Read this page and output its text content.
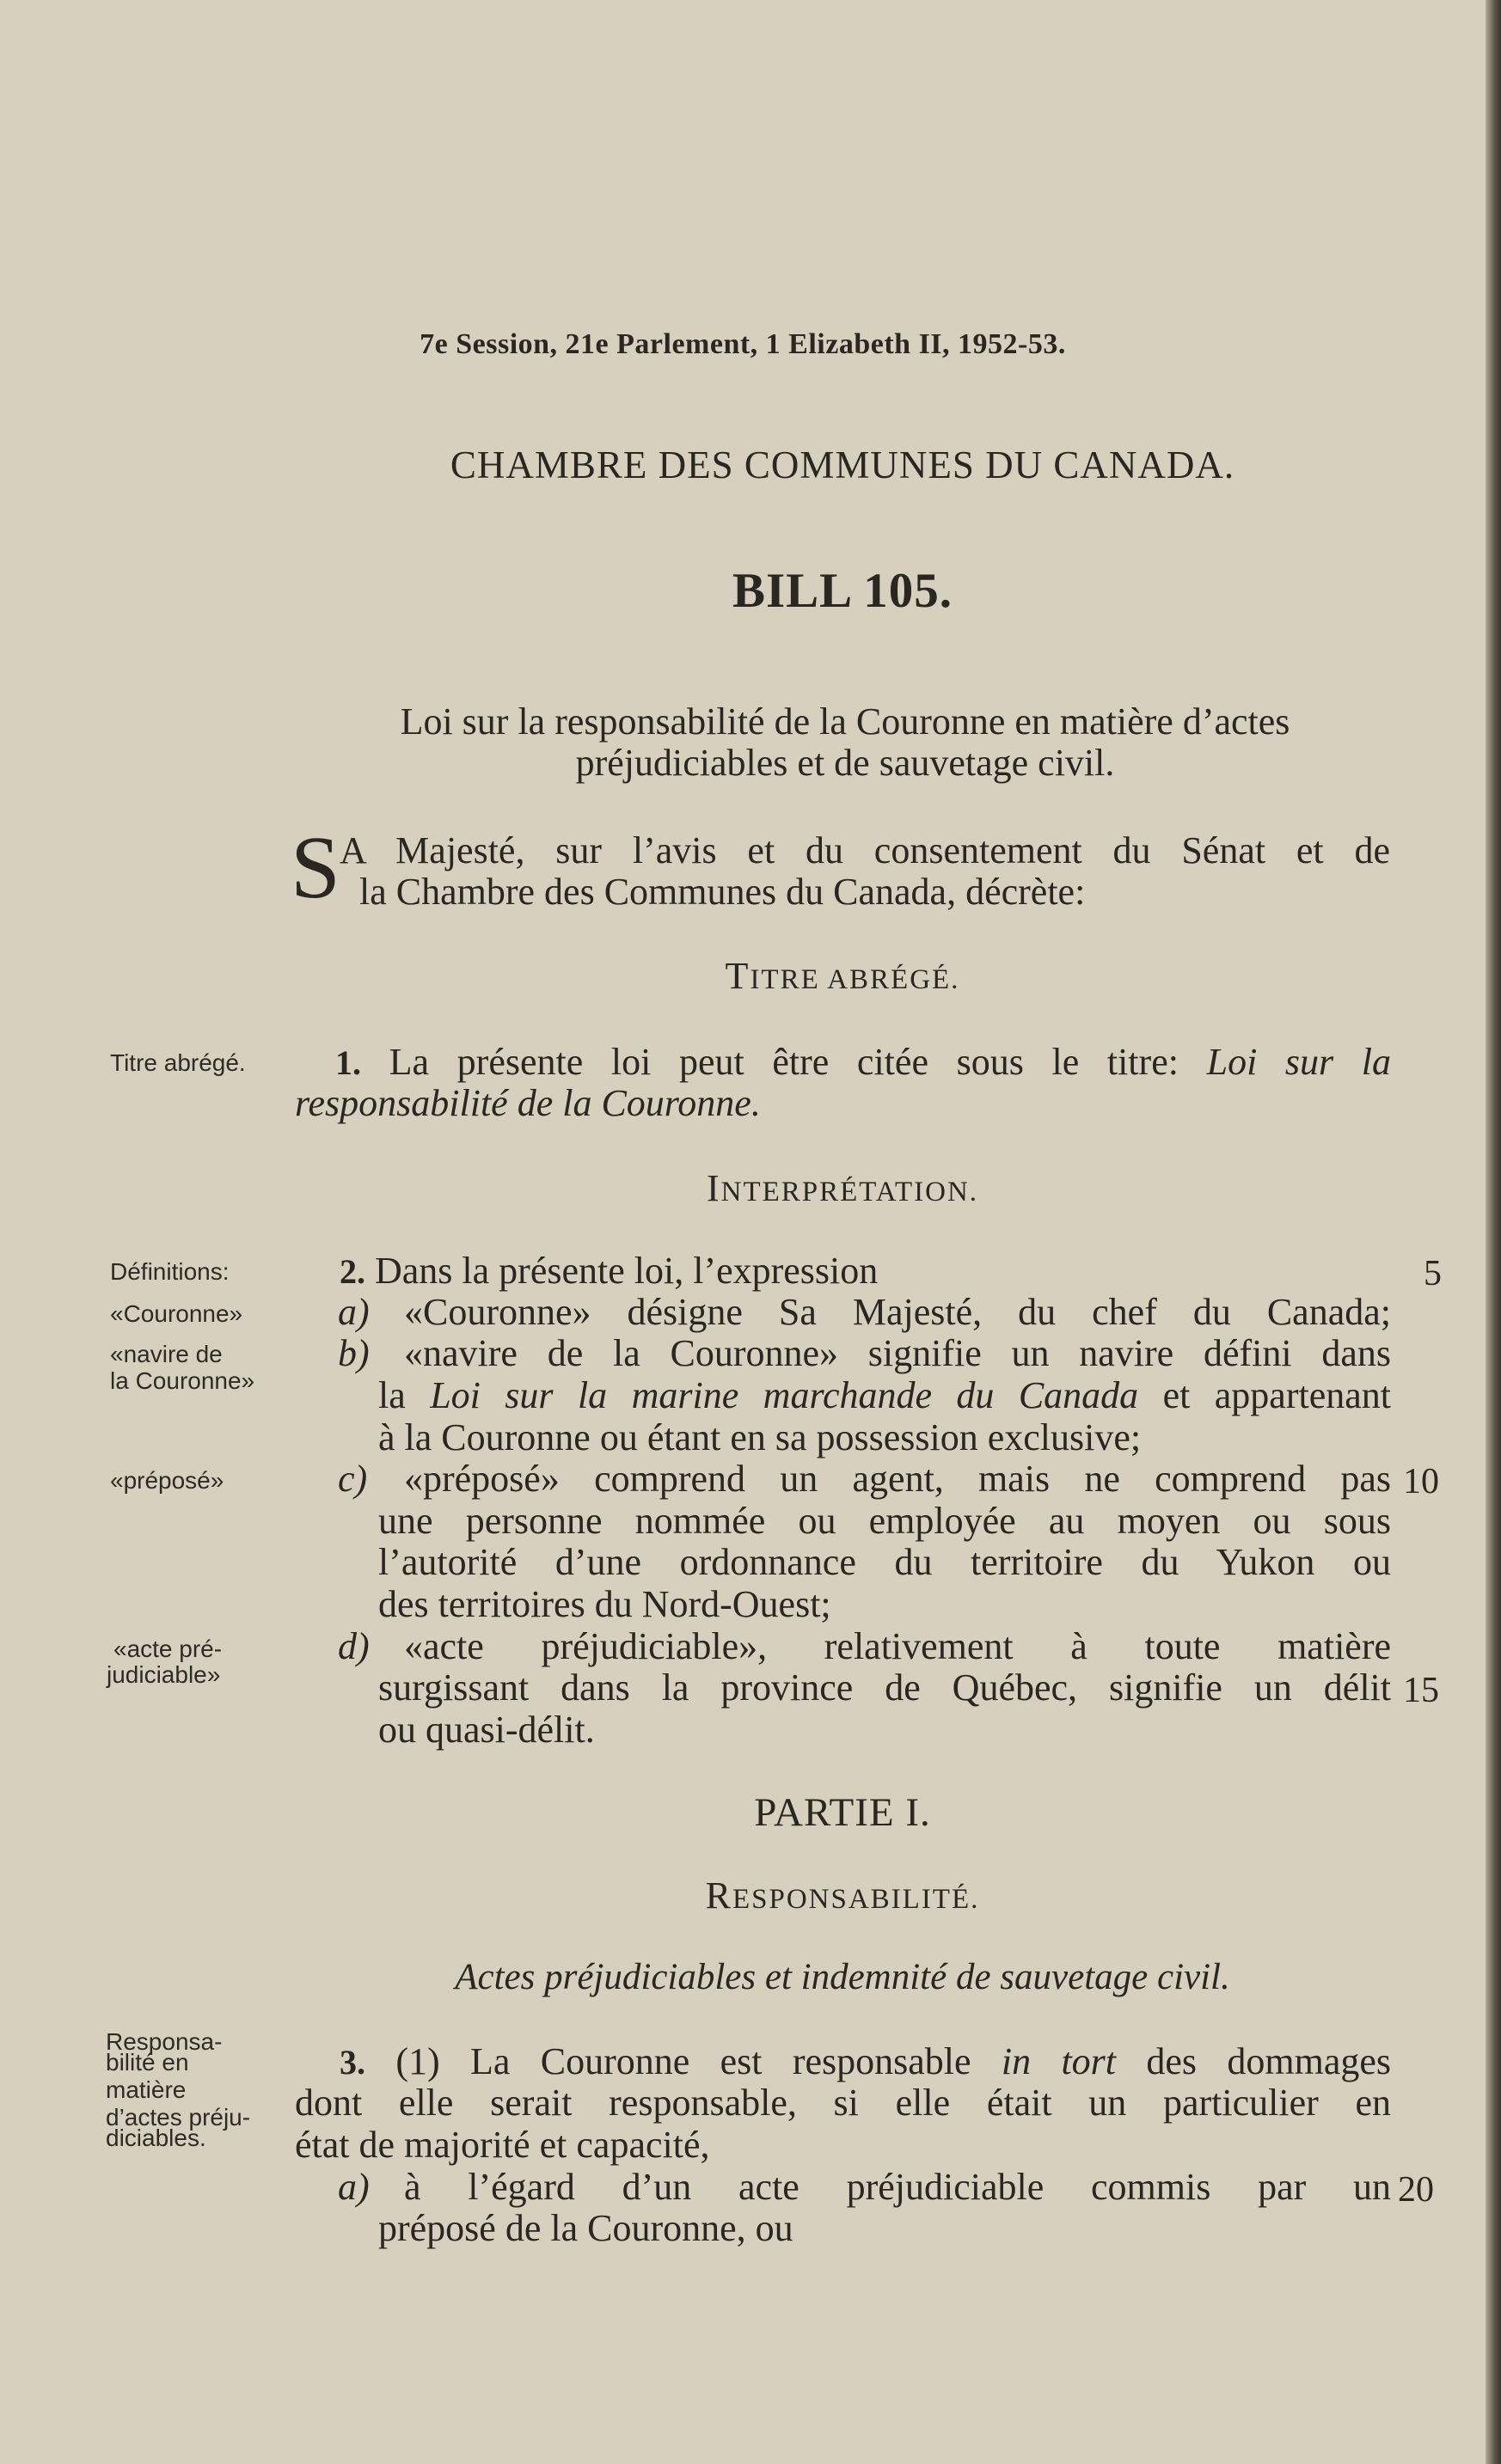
7e Session, 21e Parlement, 1 Elizabeth II, 1952-53.
CHAMBRE DES COMMUNES DU CANADA.
BILL 105.
Loi sur la responsabilité de la Couronne en matière d’actes
préjudiciables et de sauvetage civil.
S A Majesté, sur l’avis et du consentement du Sénat et de
la Chambre des Communes du Canada, décrète:
TITRE ABRÉGÉ.
Titre abrégé.	1. La présente loi peut être citée sous le titre: Loi sur la
responsabilité de la Couronne.
INTERPRÉTATION.
Définitions:
«Couronne»
«navire de
la Couronne»
«préposé»
«acte pré-
judiciable»
2. Dans la présente loi, l’expression	5
a) «Couronne» désigne Sa Majesté, du chef du Canada;
b) «navire de la Couronne» signifie un navire défini dans
la Loi sur la marine marchande du Canada et appartenant
à la Couronne ou étant en sa possession exclusive;
c) «préposé» comprend un agent, mais ne comprend pas 10
une personne nommée ou employée au moyen ou sous
l’autorité d’une ordonnance du territoire du Yukon ou
des territoires du Nord-Ouest;
d) «acte préjudiciable», relativement à toute matière
surgissant dans la province de Québec, signifie un délit 15
ou quasi-délit.
PARTIE I.
RESPONSABILITÉ.
Actes préjudiciables et indemnité de sauvetage civil.
Responsa-
bilité en
matière
d’actes préju-
diciables.
3. (1) La Couronne est responsable in tort des dommages
dont elle serait responsable, si elle était un particulier en
état de majorité et capacité,
a) à l’égard d’un acte préjudiciable commis par un 20
préposé de la Couronne, ou
